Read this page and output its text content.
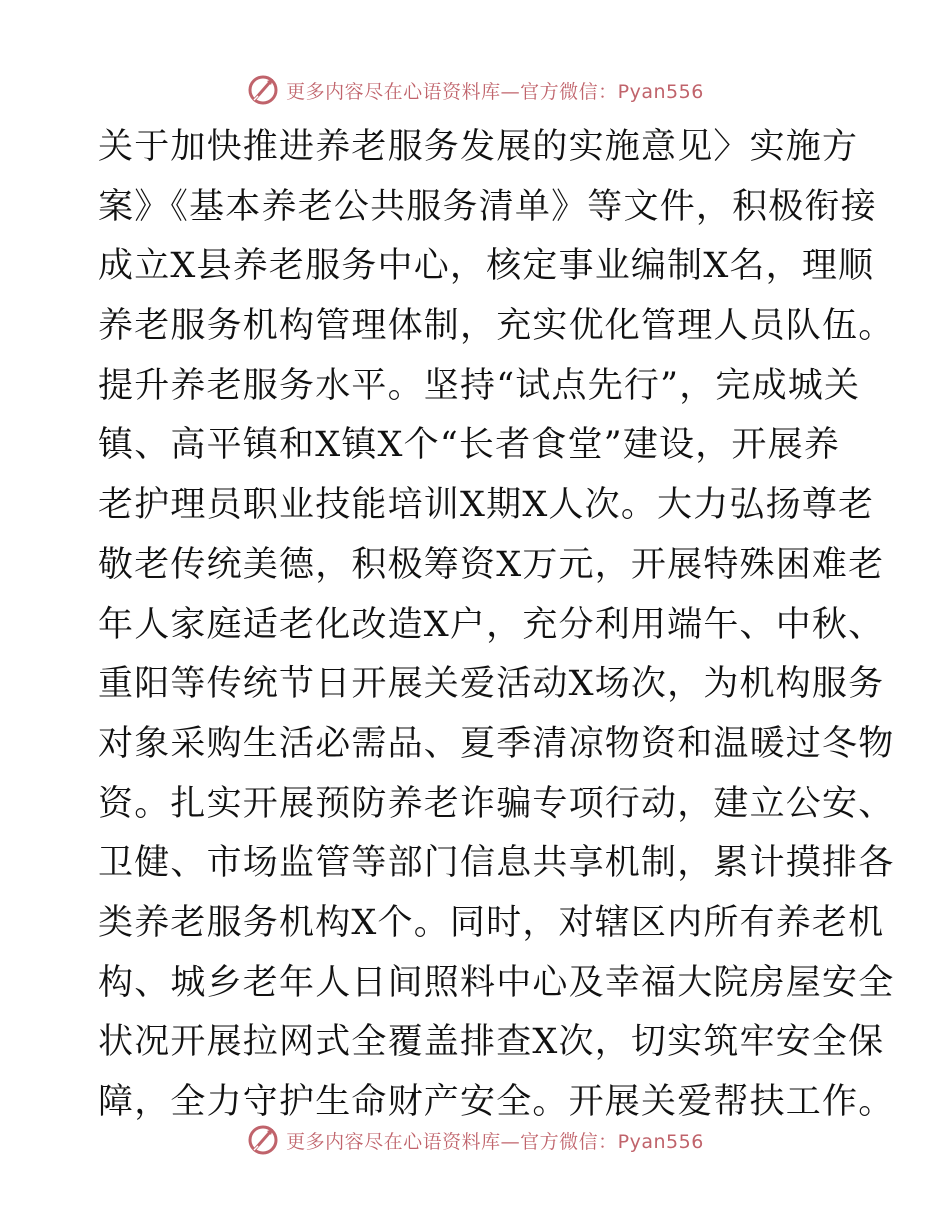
更多内容尽在心语资料库—官方微信：Pyan556
关于加快推进养老服务发展的实施意见〉实施方
案》《基本养老公共服务清单》等文件，积极衔接
成立X县养老服务中心，核定事业编制X名，理顺
养老服务机构管理体制，充实优化管理人员队伍。
提升养老服务水平。坚持“试点先行”，完成城关
镇、高平镇和X镇X个“长者食堂”建设，开展养
老护理员职业技能培训X期X人次。大力弘扬尊老
敬老传统美德，积极筹资X万元，开展特殊困难老
年人家庭适老化改造X户，充分利用端午、中秋、
重阳等传统节日开展关爱活动X场次，为机构服务
对象采购生活必需品、夏季清凉物资和温暖过冬物
资。扎实开展预防养老诈骗专项行动，建立公安、
卫健、市场监管等部门信息共享机制，累计摸排各
类养老服务机构X个。同时，对辖区内所有养老机
构、城乡老年人日间照料中心及幸福大院房屋安全
状况开展拉网式全覆盖排查X次，切实筑牢安全保
障，全力守护生命财产安全。开展关爱帮扶工作。
更多内容尽在心语资料库—官方微信：Pyan556
